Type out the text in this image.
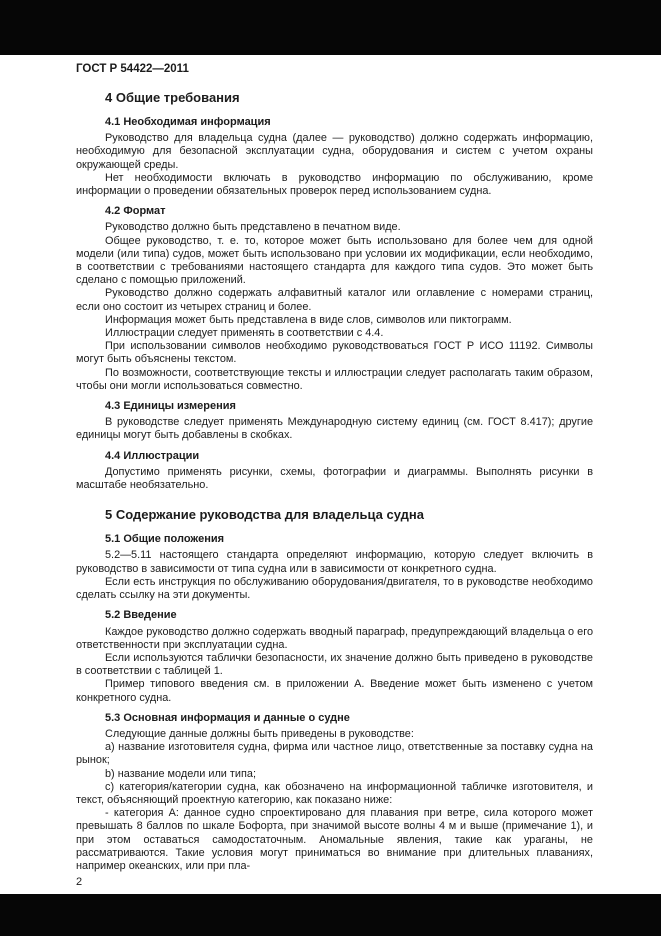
ГОСТ Р 54422—2011
4 Общие требования
4.1 Необходимая информация

Руководство для владельца судна (далее — руководство) должно содержать информацию, необходимую для безопасной эксплуатации судна, оборудования и систем с учетом охраны окружающей среды.

Нет необходимости включать в руководство информацию по обслуживанию, кроме информации о проведении обязательных проверок перед использованием судна.

4.2 Формат

Руководство должно быть представлено в печатном виде.

Общее руководство, т. е. то, которое может быть использовано для более чем для одной модели (или типа) судов, может быть использовано при условии их модификации, если необходимо, в соответствии с требованиями настоящего стандарта для каждого типа судов. Это может быть сделано с помощью приложений.

Руководство должно содержать алфавитный каталог или оглавление с номерами страниц, если оно состоит из четырех страниц и более.

Информация может быть представлена в виде слов, символов или пиктограмм.

Иллюстрации следует применять в соответствии с 4.4.

При использовании символов необходимо руководствоваться ГОСТ Р ИСО 11192. Символы могут быть объяснены текстом.

По возможности, соответствующие тексты и иллюстрации следует располагать таким образом, чтобы они могли использоваться совместно.

4.3 Единицы измерения

В руководстве следует применять Международную систему единиц (см. ГОСТ 8.417); другие единицы могут быть добавлены в скобках.

4.4 Иллюстрации

Допустимо применять рисунки, схемы, фотографии и диаграммы. Выполнять рисунки в масштабе необязательно.

5 Содержание руководства для владельца судна
5.1 Общие положения

5.2—5.11 настоящего стандарта определяют информацию, которую следует включить в руководство в зависимости от типа судна или в зависимости от конкретного судна.

Если есть инструкция по обслуживанию оборудования/двигателя, то в руководстве необходимо сделать ссылку на эти документы.

5.2 Введение

Каждое руководство должно содержать вводный параграф, предупреждающий владельца о его ответственности при эксплуатации судна.

Если используются таблички безопасности, их значение должно быть приведено в руководстве в соответствии с таблицей 1.

Пример типового введения см. в приложении А. Введение может быть изменено с учетом конкретного судна.

5.3 Основная информация и данные о судне

Следующие данные должны быть приведены в руководстве:

a) название изготовителя судна, фирма или частное лицо, ответственные за поставку судна на рынок;

b) название модели или типа;

c) категория/категории судна, как обозначено на информационной табличке изготовителя, и текст, объясняющий проектную категорию, как показано ниже:

- категория А: данное судно спроектировано для плавания при ветре, сила которого может превышать 8 баллов по шкале Бофорта, при значимой высоте волны 4 м и выше (примечание 1), и при этом оставаться самодостаточным. Аномальные явления, такие как ураганы, не рассматриваются. Такие условия могут приниматься во внимание при длительных плаваниях, например океанских, или при пла-

2
